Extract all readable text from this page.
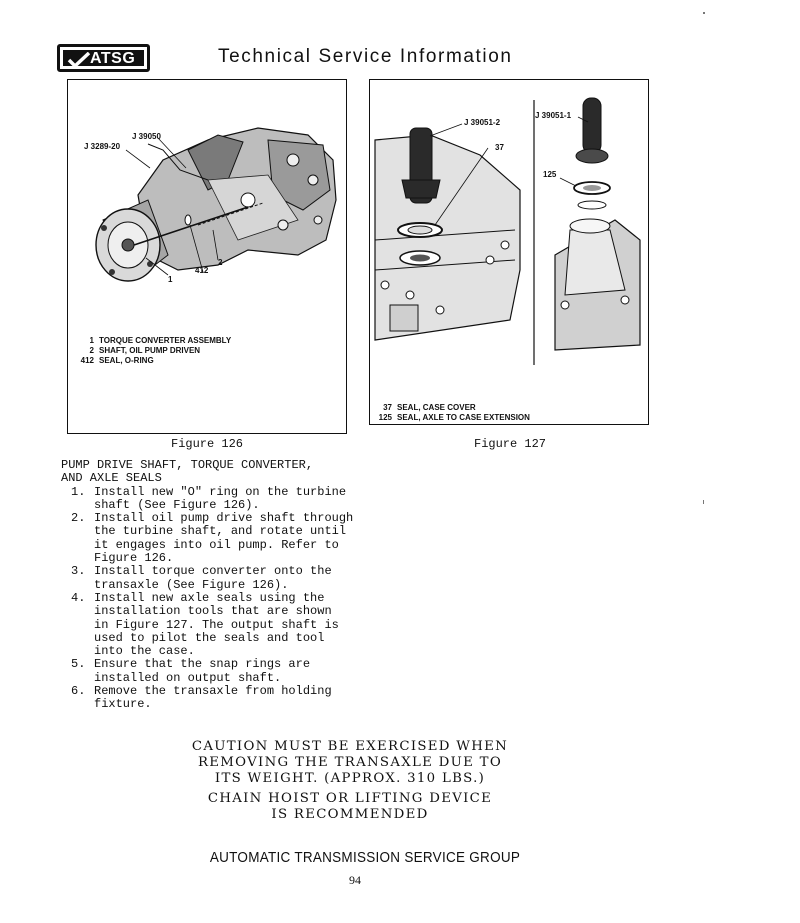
ATSG	Technical Service Information
J 39050
J 3289-20
1
2
412
1 TORQUE CONVERTER ASSEMBLY
2 SHAFT, OIL PUMP DRIVEN
412 SEAL, O-RING
Figure 126
J 39051-2
J 39051-1
37
125
37 SEAL, CASE COVER
125 SEAL, AXLE TO CASE EXTENSION
Figure 127
PUMP DRIVE SHAFT, TORQUE CONVERTER,
AND AXLE SEALS
1. Install new "O" ring on the turbine
shaft (See Figure 126).
2. Install oil pump drive shaft through
the turbine shaft, and rotate until
it engages into oil pump. Refer to
Figure 126.
3. Install torque converter onto the
transaxle (See Figure 126).
4. Install new axle seals using the
installation tools that are shown
in Figure 127. The output shaft is
used to pilot the seals and tool
into the case.
5. Ensure that the snap rings are
installed on output shaft.
6. Remove the transaxle from holding
fixture.
CAUTION MUST BE EXERCISED WHEN
REMOVING THE TRANSAXLE DUE TO
ITS WEIGHT. (APPROX. 310 LBS.)
CHAIN HOIST OR LIFTING DEVICE
IS RECOMMENDED
AUTOMATIC TRANSMISSION SERVICE GROUP
94
